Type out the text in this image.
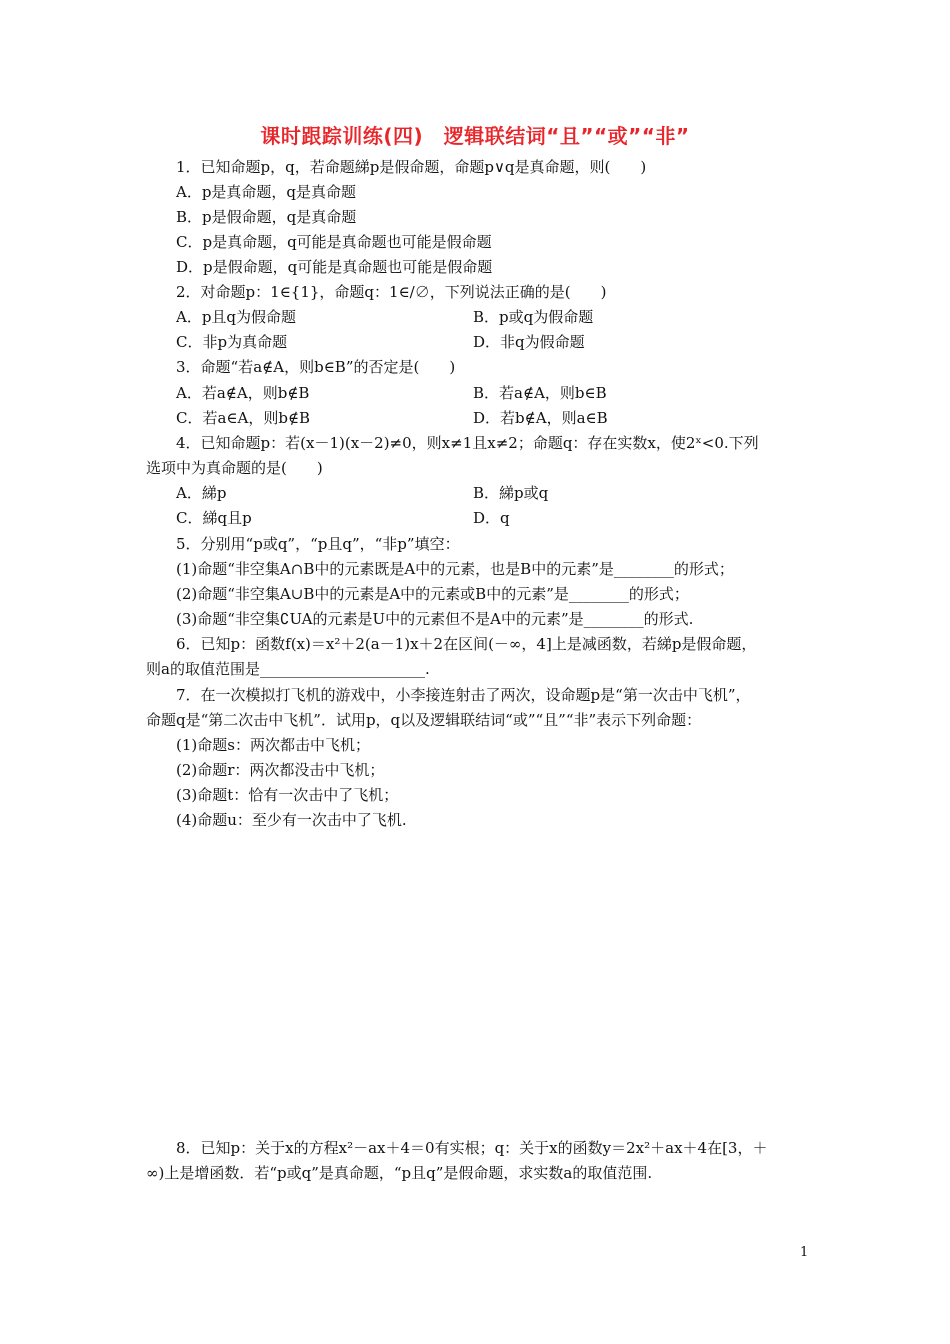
课时跟踪训练(四)　逻辑联结词“且”“或”“非”
1．已知命题p，q，若命题綈p是假命题，命题p∨q是真命题，则(　　)
A．p是真命题，q是真命题
B．p是假命题，q是真命题
C．p是真命题，q可能是真命题也可能是假命题
D．p是假命题，q可能是真命题也可能是假命题
2．对命题p：1∈{1}，命题q：1∈/∅，下列说法正确的是(　　)
A．p且q为假命题	B．p或q为假命题
C．非p为真命题	D．非q为假命题
3．命题“若a∉A，则b∈B”的否定是(　　)
A．若a∉A，则b∉B	B．若a∉A，则b∈B
C．若a∈A，则b∉B	D．若b∉A，则a∈B
4．已知命题p：若(x－1)(x－2)≠0，则x≠1且x≠2；命题q：存在实数x，使2ˣ<0.下列
选项中为真命题的是(　　)
A．綈p	B．綈p或q
C．綈q且p	D．q
5．分别用“p或q”，“p且q”，“非p”填空：
(1)命题“非空集A∩B中的元素既是A中的元素，也是B中的元素”是________的形式；
(2)命题“非空集A∪B中的元素是A中的元素或B中的元素”是________的形式；
(3)命题“非空集∁UA的元素是U中的元素但不是A中的元素”是________的形式.
6．已知p：函数f(x)＝x²＋2(a－1)x＋2在区间(－∞，4]上是减函数，若綈p是假命题，
则a的取值范围是______________________.
7．在一次模拟打飞机的游戏中，小李接连射击了两次，设命题p是“第一次击中飞机”，
命题q是“第二次击中飞机”．试用p，q以及逻辑联结词“或”“且”“非”表示下列命题：
(1)命题s：两次都击中飞机；
(2)命题r：两次都没击中飞机；
(3)命题t：恰有一次击中了飞机；
(4)命题u：至少有一次击中了飞机.
8．已知p：关于x的方程x²－ax＋4＝0有实根；q：关于x的函数y＝2x²＋ax＋4在[3，＋
∞)上是增函数．若“p或q”是真命题，“p且q”是假命题，求实数a的取值范围.
1
